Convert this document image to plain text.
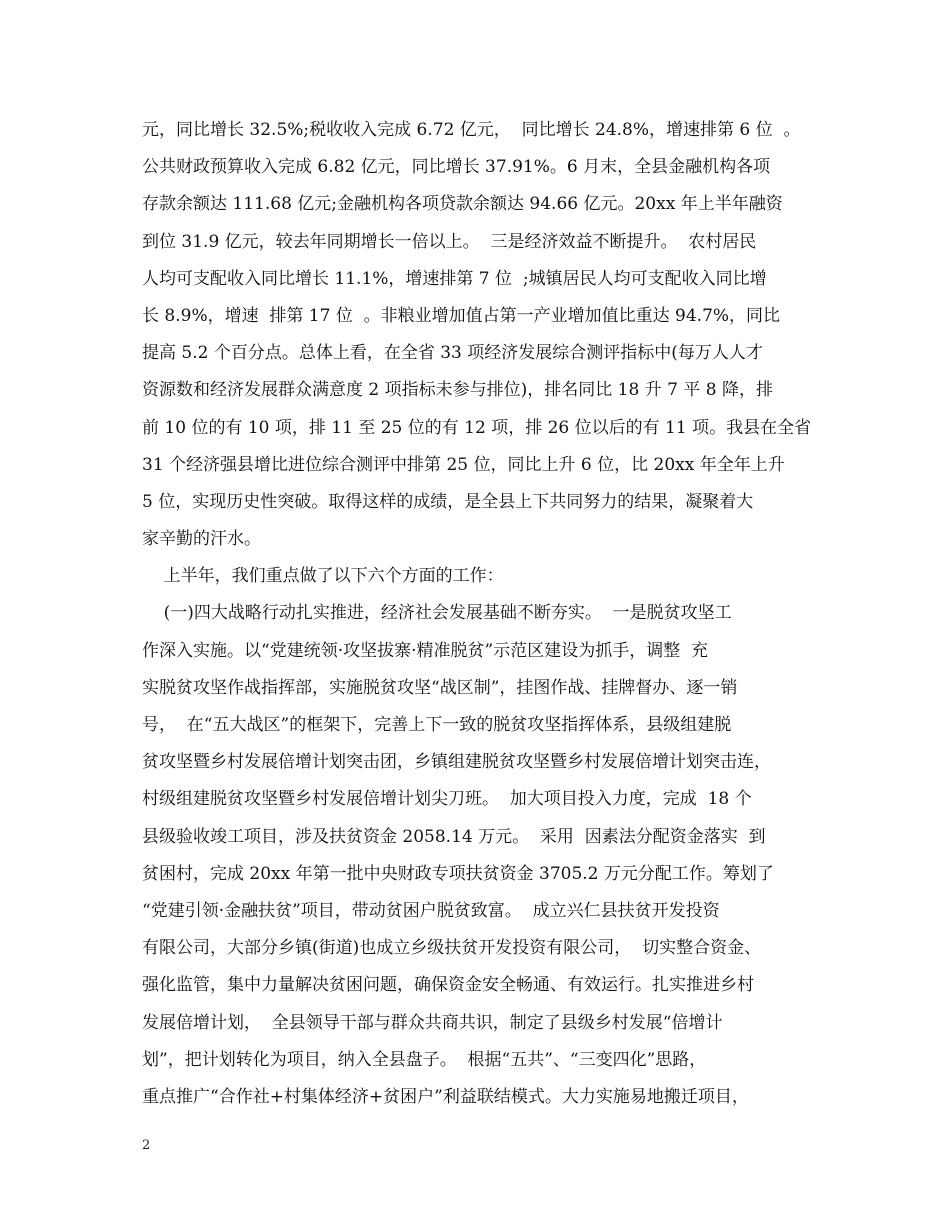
元，同比增长 32.5%;税收收入完成 6.72 亿元，  同比增长 24.8%，增速排第 6 位  。
公共财政预算收入完成 6.82 亿元，同比增长 37.91%。6 月末，全县金融机构各项
存款余额达 111.68 亿元;金融机构各项贷款余额达 94.66 亿元。20xx 年上半年融资
到位 31.9 亿元，较去年同期增长一倍以上。  三是经济效益不断提升。  农村居民
人均可支配收入同比增长 11.1%，增速排第 7 位  ;城镇居民人均可支配收入同比增
长 8.9%，增速  排第 17 位  。非粮业增加值占第一产业增加值比重达 94.7%，同比
提高 5.2 个百分点。总体上看，在全省 33 项经济发展综合测评指标中(每万人人才
资源数和经济发展群众满意度 2 项指标未参与排位)，排名同比 18 升 7 平 8 降，排
前 10 位的有 10 项，排 11 至 25 位的有 12 项，排 26 位以后的有 11 项。我县在全省
31 个经济强县增比进位综合测评中排第 25 位，同比上升 6 位，比 20xx 年全年上升
5 位，实现历史性突破。取得这样的成绩，是全县上下共同努力的结果，凝聚着大
家辛勤的汗水。
上半年，我们重点做了以下六个方面的工作：
(一)四大战略行动扎实推进，经济社会发展基础不断夯实。  一是脱贫攻坚工
作深入实施。以“党建统领·攻坚拔寨·精准脱贫”示范区建设为抓手，调整  充
实脱贫攻坚作战指挥部，实施脱贫攻坚“战区制”，挂图作战、挂牌督办、逐一销
号，  在“五大战区”的框架下，完善上下一致的脱贫攻坚指挥体系，县级组建脱
贫攻坚暨乡村发展倍增计划突击团，乡镇组建脱贫攻坚暨乡村发展倍增计划突击连，
村级组建脱贫攻坚暨乡村发展倍增计划尖刀班。  加大项目投入力度，完成  18 个
县级验收竣工项目，涉及扶贫资金 2058.14 万元。  采用  因素法分配资金落实  到
贫困村，完成 20xx 年第一批中央财政专项扶贫资金 3705.2 万元分配工作。筹划了
“党建引领·金融扶贫”项目，带动贫困户脱贫致富。  成立兴仁县扶贫开发投资
有限公司，大部分乡镇(街道)也成立乡级扶贫开发投资有限公司，  切实整合资金、
强化监管，集中力量解决贫困问题，确保资金安全畅通、有效运行。扎实推进乡村
发展倍增计划，  全县领导干部与群众共商共识，制定了县级乡村发展“倍增计
划”，把计划转化为项目，纳入全县盘子。  根据“五共”、“三变四化”思路，
重点推广“合作社+村集体经济+贫困户”利益联结模式。大力实施易地搬迁项目，
2
